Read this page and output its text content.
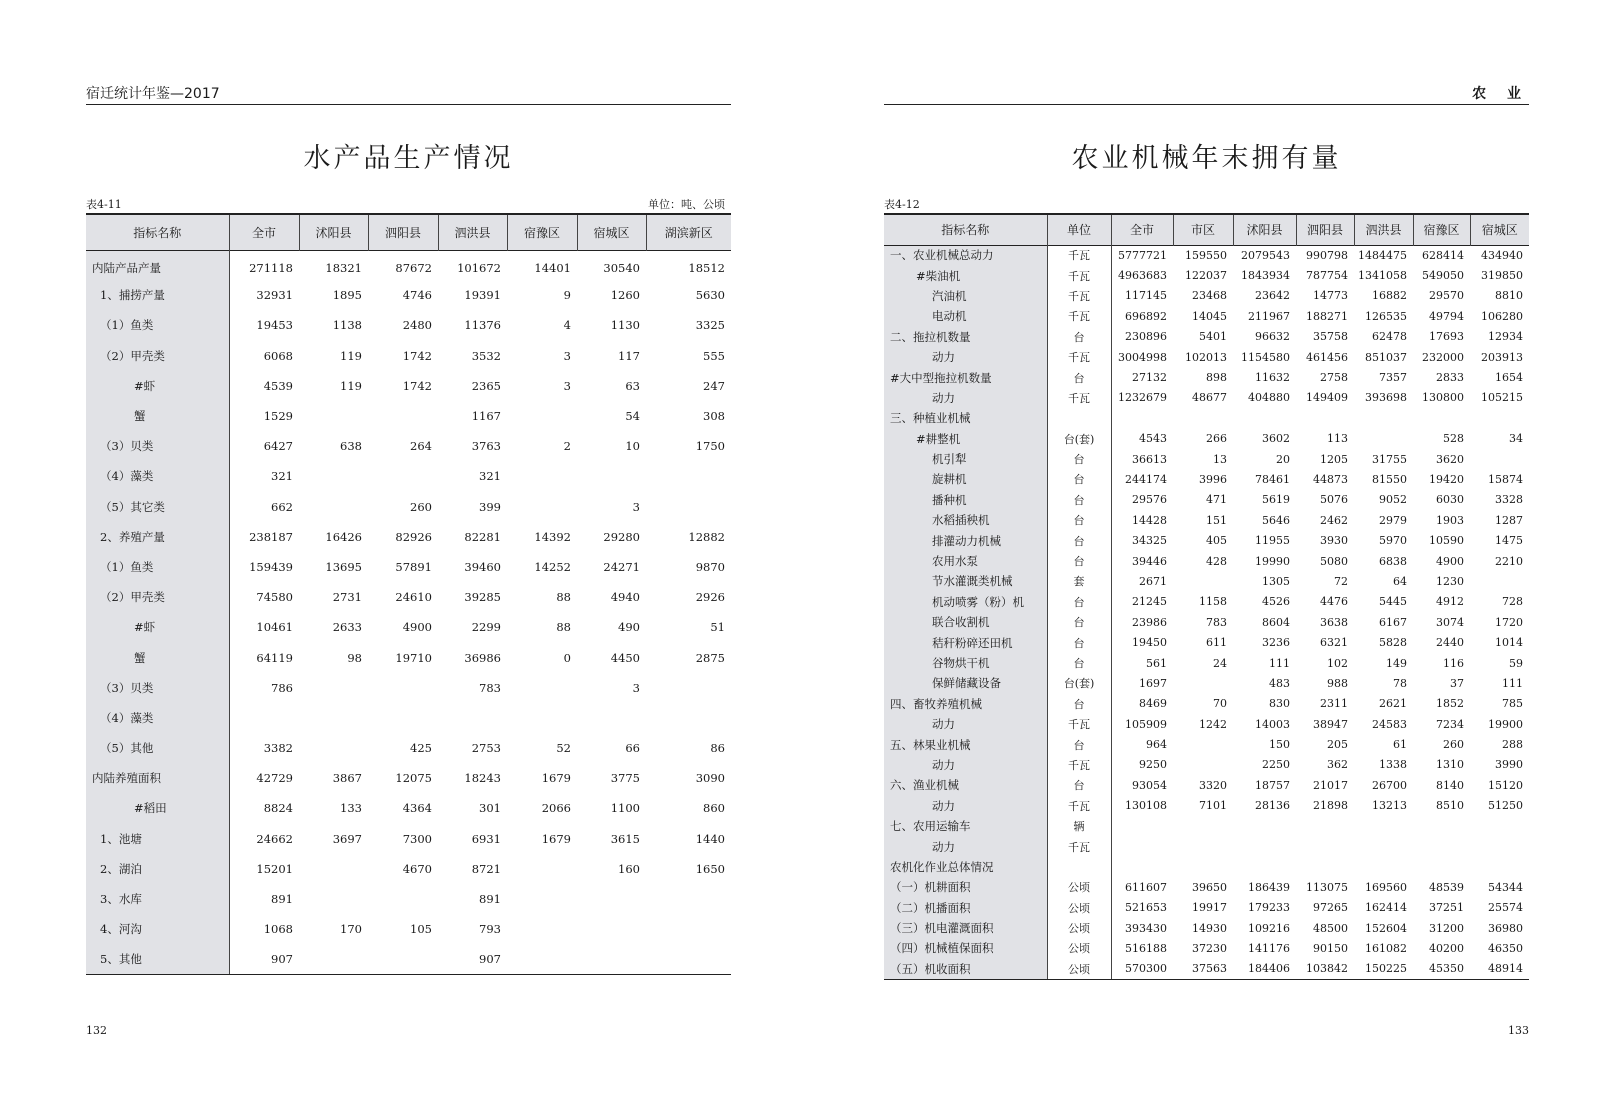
宿迁统计年鉴—2017
水产品生产情况
表4-11	单位：吨、公顷
指标名称	全市	沭阳县	泗阳县	泗洪县	宿豫区	宿城区	湖滨新区
内陆产品产量	271118	18321	87672	101672	14401	30540	18512
1、捕捞产量	32931	1895	4746	19391	9	1260	5630
（1）鱼类	19453	1138	2480	11376	4	1130	3325
（2）甲壳类	6068	119	1742	3532	3	117	555
#虾	4539	119	1742	2365	3	63	247
蟹	1529			1167		54	308
（3）贝类	6427	638	264	3763	2	10	1750
（4）藻类	321			321			
（5）其它类	662		260	399		3	
2、养殖产量	238187	16426	82926	82281	14392	29280	12882
（1）鱼类	159439	13695	57891	39460	14252	24271	9870
（2）甲壳类	74580	2731	24610	39285	88	4940	2926
#虾	10461	2633	4900	2299	88	490	51
蟹	64119	98	19710	36986	0	4450	2875
（3）贝类	786			783		3	
（4）藻类							
（5）其他	3382		425	2753	52	66	86
内陆养殖面积	42729	3867	12075	18243	1679	3775	3090
#稻田	8824	133	4364	301	2066	1100	860
1、池塘	24662	3697	7300	6931	1679	3615	1440
2、湖泊	15201		4670	8721		160	1650
3、水库	891			891			
4、河沟	1068	170	105	793			
5、其他	907			907			
132
农 业
农业机械年末拥有量
表4-12
指标名称	单位	全市	市区	沭阳县	泗阳县	泗洪县	宿豫区	宿城区
一、农业机械总动力	千瓦	5777721	159550	2079543	990798	1484475	628414	434940
#柴油机	千瓦	4963683	122037	1843934	787754	1341058	549050	319850
汽油机	千瓦	117145	23468	23642	14773	16882	29570	8810
电动机	千瓦	696892	14045	211967	188271	126535	49794	106280
二、拖拉机数量	台	230896	5401	96632	35758	62478	17693	12934
动力	千瓦	3004998	102013	1154580	461456	851037	232000	203913
#大中型拖拉机数量	台	27132	898	11632	2758	7357	2833	1654
动力	千瓦	1232679	48677	404880	149409	393698	130800	105215
三、种植业机械								
#耕整机	台(套)	4543	266	3602	113		528	34
机引犁	台	36613	13	20	1205	31755	3620	
旋耕机	台	244174	3996	78461	44873	81550	19420	15874
播种机	台	29576	471	5619	5076	9052	6030	3328
水稻插秧机	台	14428	151	5646	2462	2979	1903	1287
排灌动力机械	台	34325	405	11955	3930	5970	10590	1475
农用水泵	台	39446	428	19990	5080	6838	4900	2210
节水灌溉类机械	套	2671		1305	72	64	1230	
机动喷雾（粉）机	台	21245	1158	4526	4476	5445	4912	728
联合收割机	台	23986	783	8604	3638	6167	3074	1720
秸秆粉碎还田机	台	19450	611	3236	6321	5828	2440	1014
谷物烘干机	台	561	24	111	102	149	116	59
保鲜储藏设备	台(套)	1697		483	988	78	37	111
四、畜牧养殖机械	台	8469	70	830	2311	2621	1852	785
动力	千瓦	105909	1242	14003	38947	24583	7234	19900
五、林果业机械	台	964		150	205	61	260	288
动力	千瓦	9250		2250	362	1338	1310	3990
六、渔业机械	台	93054	3320	18757	21017	26700	8140	15120
动力	千瓦	130108	7101	28136	21898	13213	8510	51250
七、农用运输车	辆							
动力	千瓦							
农机化作业总体情况								
（一）机耕面积	公顷	611607	39650	186439	113075	169560	48539	54344
（二）机播面积	公顷	521653	19917	179233	97265	162414	37251	25574
（三）机电灌溉面积	公顷	393430	14930	109216	48500	152604	31200	36980
（四）机械植保面积	公顷	516188	37230	141176	90150	161082	40200	46350
（五）机收面积	公顷	570300	37563	184406	103842	150225	45350	48914
133
